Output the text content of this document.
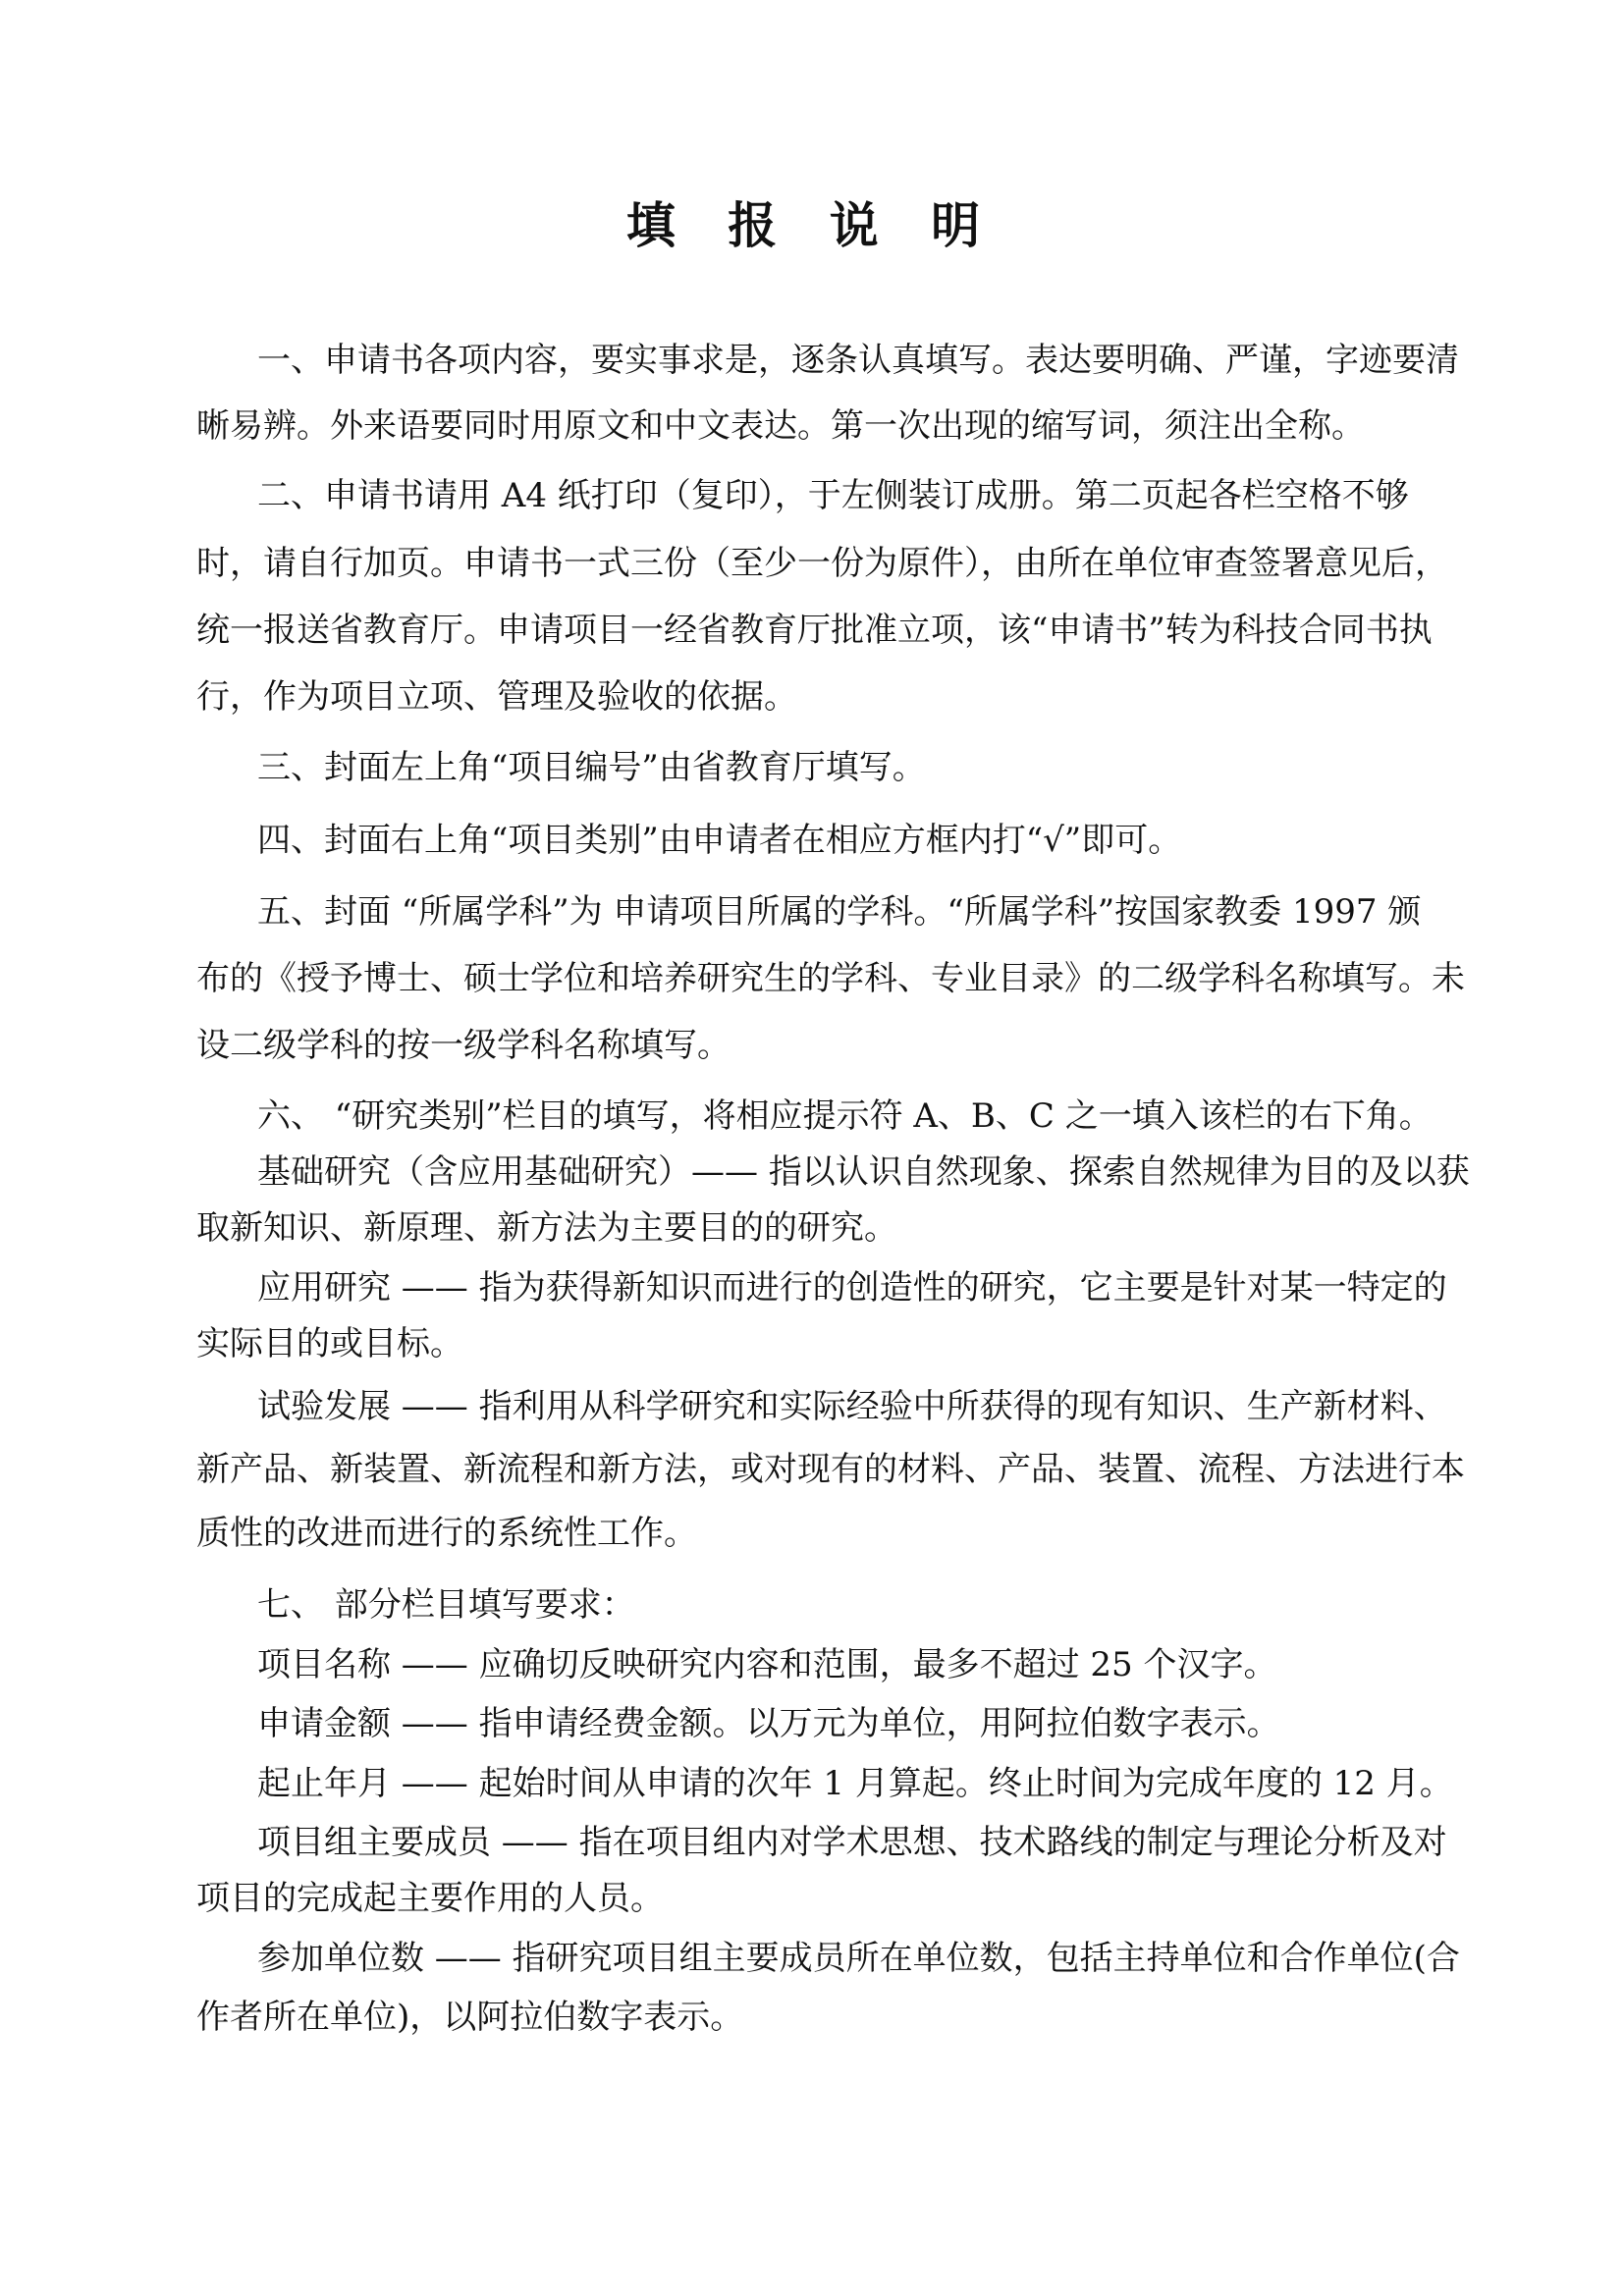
填 报 说 明
一、申请书各项内容，要实事求是，逐条认真填写。表达要明确、严谨，字迹要清
晰易辨。外来语要同时用原文和中文表达。第一次出现的缩写词，须注出全称。
二、申请书请用 A4 纸打印（复印），于左侧装订成册。第二页起各栏空格不够
时，请自行加页。申请书一式三份（至少一份为原件），由所在单位审查签署意见后，
统一报送省教育厅。申请项目一经省教育厅批准立项，该“申请书”转为科技合同书执
行，作为项目立项、管理及验收的依据。
三、封面左上角“项目编号”由省教育厅填写。
四、封面右上角“项目类别”由申请者在相应方框内打“√”即可。
五、封面 “所属学科”为 申请项目所属的学科。“所属学科”按国家教委 1997 颁
布的《授予博士、硕士学位和培养研究生的学科、专业目录》的二级学科名称填写。未
设二级学科的按一级学科名称填写。
六、 “研究类别”栏目的填写，将相应提示符 A、B、C 之一填入该栏的右下角。
基础研究（含应用基础研究）—— 指以认识自然现象、探索自然规律为目的及以获
取新知识、新原理、新方法为主要目的的研究。
应用研究 —— 指为获得新知识而进行的创造性的研究，它主要是针对某一特定的
实际目的或目标。
试验发展 —— 指利用从科学研究和实际经验中所获得的现有知识、生产新材料、
新产品、新装置、新流程和新方法，或对现有的材料、产品、装置、流程、方法进行本
质性的改进而进行的系统性工作。
七、 部分栏目填写要求：
项目名称 —— 应确切反映研究内容和范围，最多不超过 25 个汉字。
申请金额 —— 指申请经费金额。以万元为单位，用阿拉伯数字表示。
起止年月 —— 起始时间从申请的次年 1 月算起。终止时间为完成年度的 12 月。
项目组主要成员 —— 指在项目组内对学术思想、技术路线的制定与理论分析及对
项目的完成起主要作用的人员。
参加单位数 —— 指研究项目组主要成员所在单位数，包括主持单位和合作单位(合
作者所在单位)，以阿拉伯数字表示。
